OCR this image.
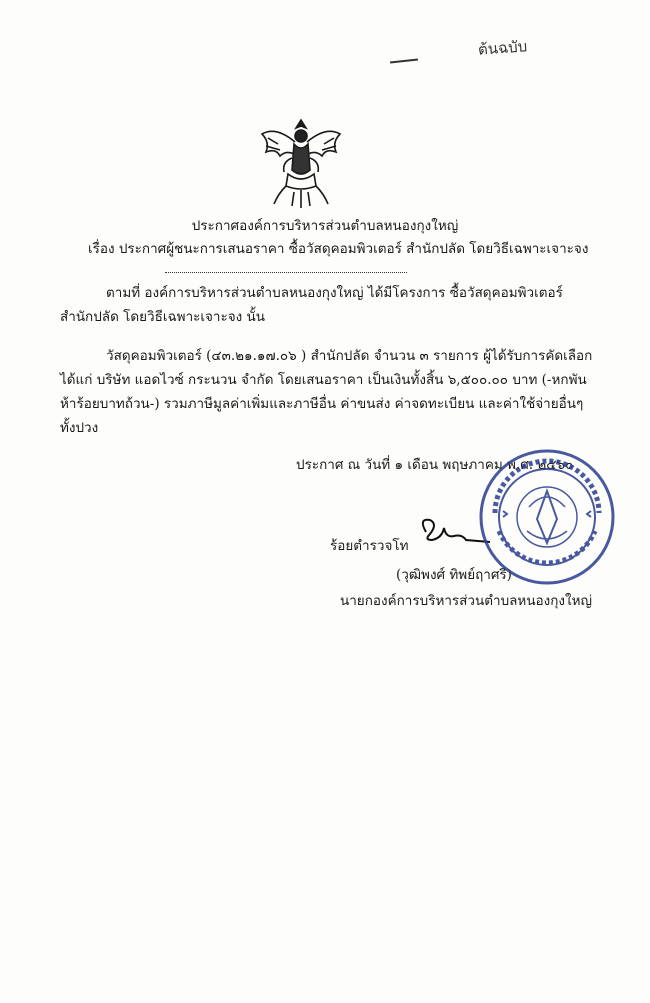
ต้นฉบับ
ประกาศองค์การบริหารส่วนตำบลหนองกุงใหญ่
เรื่อง ประกาศผู้ชนะการเสนอราคา ซื้อวัสดุคอมพิวเตอร์ สำนักปลัด โดยวิธีเฉพาะเจาะจง
ตามที่ องค์การบริหารส่วนตำบลหนองกุงใหญ่ ได้มีโครงการ ซื้อวัสดุคอมพิวเตอร์ สำนักปลัด โดยวิธีเฉพาะเจาะจง นั้น
วัสดุคอมพิวเตอร์ (๔๓.๒๑.๑๗.๐๖ ) สำนักปลัด จำนวน ๓ รายการ ผู้ได้รับการคัดเลือก ได้แก่ บริษัท แอดไวซ์ กระนวน จำกัด โดยเสนอราคา เป็นเงินทั้งสิ้น ๖,๕๐๐.๐๐ บาท (-หกพันห้าร้อยบาทถ้วน-) รวมภาษีมูลค่าเพิ่มและภาษีอื่น ค่าขนส่ง ค่าจดทะเบียน และค่าใช้จ่ายอื่นๆ ทั้งปวง
ประกาศ ณ วันที่ ๑ เดือน พฤษภาคม พ.ศ. ๒๕๖๐
ร้อยตำรวจโท
(วุฒิพงศ์ ทิพย์ฤาศรี)
นายกองค์การบริหารส่วนตำบลหนองกุงใหญ่
